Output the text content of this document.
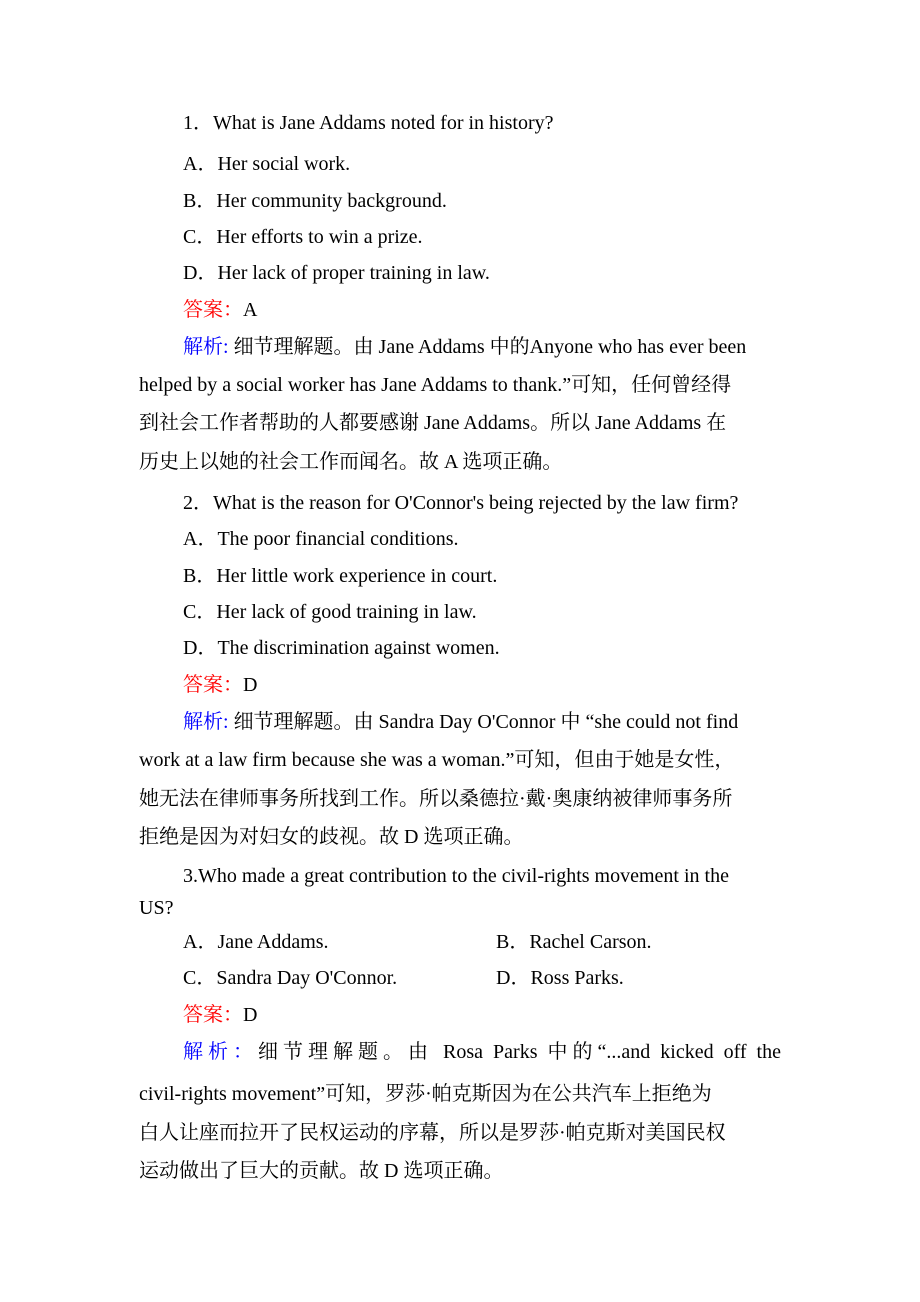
1．What is Jane Addams noted for in history?
A．Her social work.
B．Her community background.
C．Her efforts to win a prize.
D．Her lack of proper training in law.
答案：A
解析: 细节理解题。由 Jane Addams 中的Anyone who has ever been
helped by a social worker has Jane Addams to thank.”可知，任何曾经得
到社会工作者帮助的人都要感谢 Jane Addams。所以 Jane Addams 在
历史上以她的社会工作而闻名。故 A 选项正确。
2．What is the reason for O'Connor's being rejected by the law firm?
A．The poor financial conditions.
B．Her little work experience in court.
C．Her lack of good training in law.
D．The discrimination against women.
答案：D
解析: 细节理解题。由 Sandra Day O'Connor 中 “she could not find
work at a law firm because she was a woman.”可知，但由于她是女性，
她无法在律师事务所找到工作。所以桑德拉·戴·奥康纳被律师事务所
拒绝是因为对妇女的歧视。故 D 选项正确。
3.Who made a great contribution to the civil-rights movement in the
US?
A．Jane Addams.	B．Rachel Carson.
C．Sandra Day O'Connor.	D．Ross Parks.
答案：D
解析：细节理解题。由 Rosa Parks 中的“...and kicked off the
civil-rights movement”可知，罗莎·帕克斯因为在公共汽车上拒绝为
白人让座而拉开了民权运动的序幕，所以是罗莎·帕克斯对美国民权
运动做出了巨大的贡献。故 D 选项正确。
